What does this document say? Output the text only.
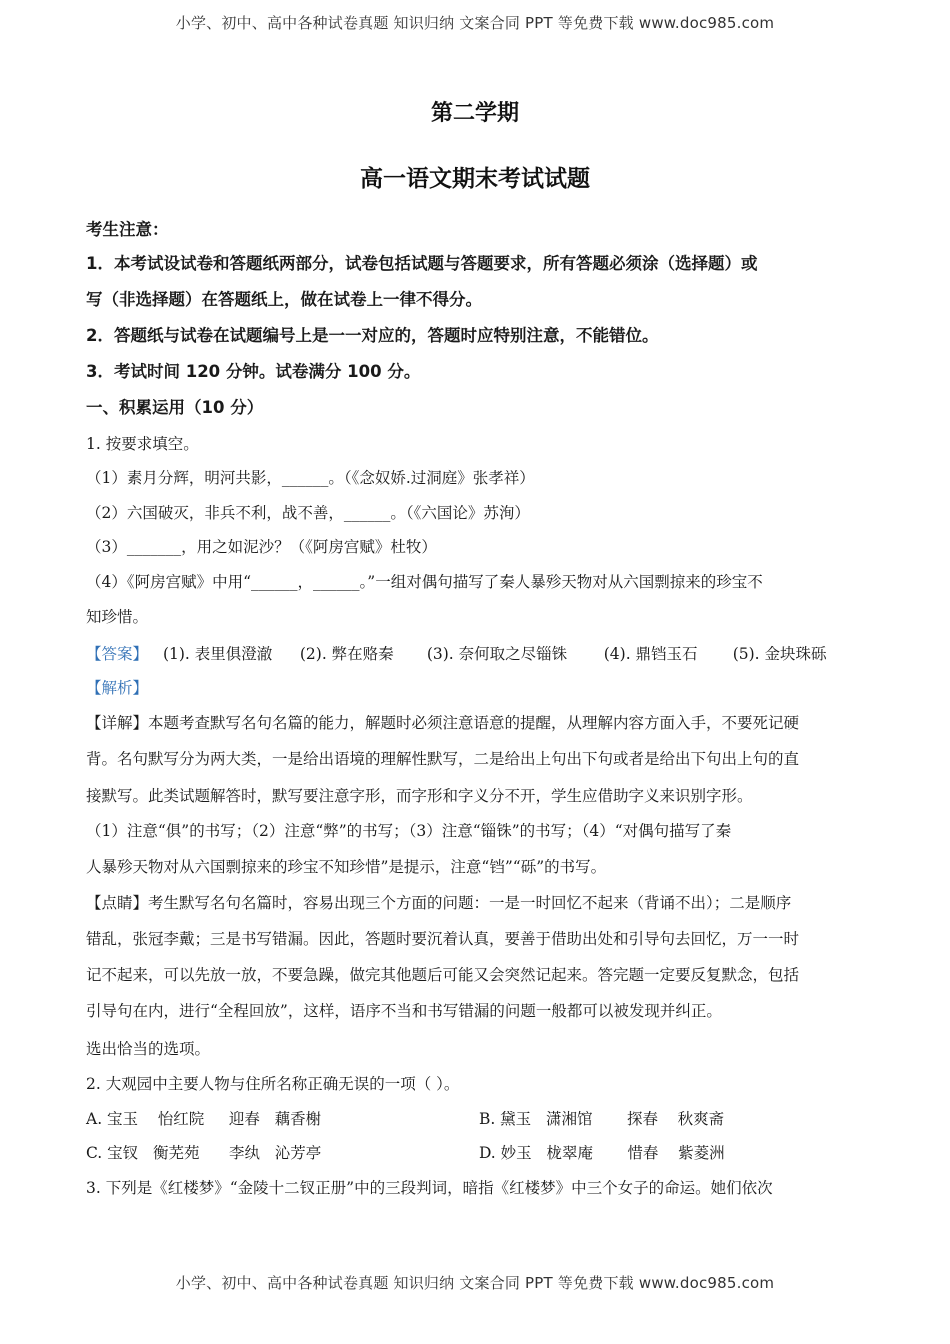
小学、初中、高中各种试卷真题 知识归纳 文案合同 PPT 等免费下载 www.doc985.com
第二学期
高一语文期末考试试题
考生注意：
1．本考试设试卷和答题纸两部分，试卷包括试题与答题要求，所有答题必须涂（选择题）或
写（非选择题）在答题纸上，做在试卷上一律不得分。
2．答题纸与试卷在试题编号上是一一对应的，答题时应特别注意，不能错位。
3．考试时间 120 分钟。试卷满分 100 分。
一、积累运用（10 分）
1. 按要求填空。
（1）素月分辉，明河共影，______。（《念奴娇.过洞庭》张孝祥）
（2）六国破灭，非兵不利，战不善，______。（《六国论》苏洵）
（3）_______，用之如泥沙？（《阿房宫赋》杜牧）
（4）《阿房宫赋》中用“______，______。”一组对偶句描写了秦人暴殄天物对从六国剽掠来的珍宝不
知珍惜。
【答案】 (1). 表里俱澄澈 (2). 弊在赂秦 (3). 奈何取之尽锱铢 (4). 鼎铛玉石 (5). 金块珠砾
【解析】
【详解】本题考查默写名句名篇的能力，解题时必须注意语意的提醒，从理解内容方面入手，不要死记硬
背。名句默写分为两大类，一是给出语境的理解性默写，二是给出上句出下句或者是给出下句出上句的直
接默写。此类试题解答时，默写要注意字形，而字形和字义分不开，学生应借助字义来识别字形。
（1）注意“俱”的书写；（2）注意“弊”的书写；（3）注意“锱铢”的书写；（4）“对偶句描写了秦
人暴殄天物对从六国剽掠来的珍宝不知珍惜”是提示，注意“铛”“砾”的书写。
【点睛】考生默写名句名篇时，容易出现三个方面的问题：一是一时回忆不起来（背诵不出）；二是顺序
错乱，张冠李戴；三是书写错漏。因此，答题时要沉着认真，要善于借助出处和引导句去回忆，万一一时
记不起来，可以先放一放，不要急躁，做完其他题后可能又会突然记起来。答完题一定要反复默念，包括
引导句在内，进行“全程回放”，这样，语序不当和书写错漏的问题一般都可以被发现并纠正。
选出恰当的选项。
2. 大观园中主要人物与住所名称正确无误的一项（ ）。
A. 宝玉    怡红院     迎春   藕香榭	B. 黛玉   潇湘馆       探春    秋爽斋
C. 宝钗   衡芜苑      李纨   沁芳亭	D. 妙玉   栊翠庵       惜春    紫菱洲
3. 下列是《红楼梦》“金陵十二钗正册”中的三段判词，暗指《红楼梦》中三个女子的命运。她们依次
小学、初中、高中各种试卷真题 知识归纳 文案合同 PPT 等免费下载 www.doc985.com
